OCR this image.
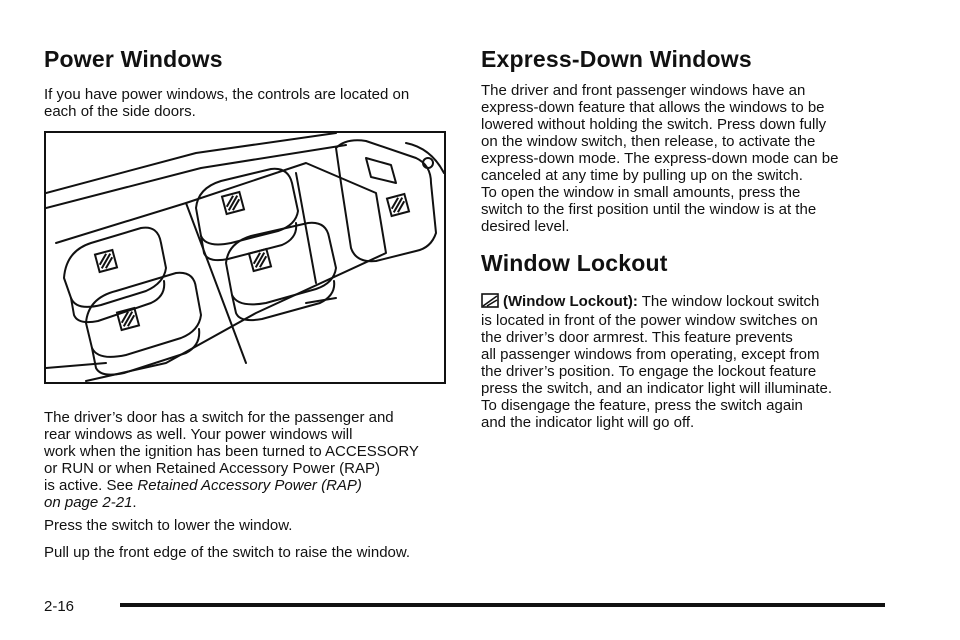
Power Windows

If you have power windows, the controls are located on
each of the side doors.

The driver’s door has a switch for the passenger and
rear windows as well. Your power windows will
work when the ignition has been turned to ACCESSORY
or RUN or when Retained Accessory Power (RAP)
is active. See Retained Accessory Power (RAP)
on page 2-21.

Press the switch to lower the window.

Pull up the front edge of the switch to raise the window.

Express-Down Windows

The driver and front passenger windows have an
express-down feature that allows the windows to be
lowered without holding the switch. Press down fully
on the window switch, then release, to activate the
express-down mode. The express-down mode can be
canceled at any time by pulling up on the switch.
To open the window in small amounts, press the
switch to the first position until the window is at the
desired level.

Window Lockout

(Window Lockout): The window lockout switch
is located in front of the power window switches on
the driver’s door armrest. This feature prevents
all passenger windows from operating, except from
the driver’s position. To engage the lockout feature
press the switch, and an indicator light will illuminate.
To disengage the feature, press the switch again
and the indicator light will go off.

2-16
